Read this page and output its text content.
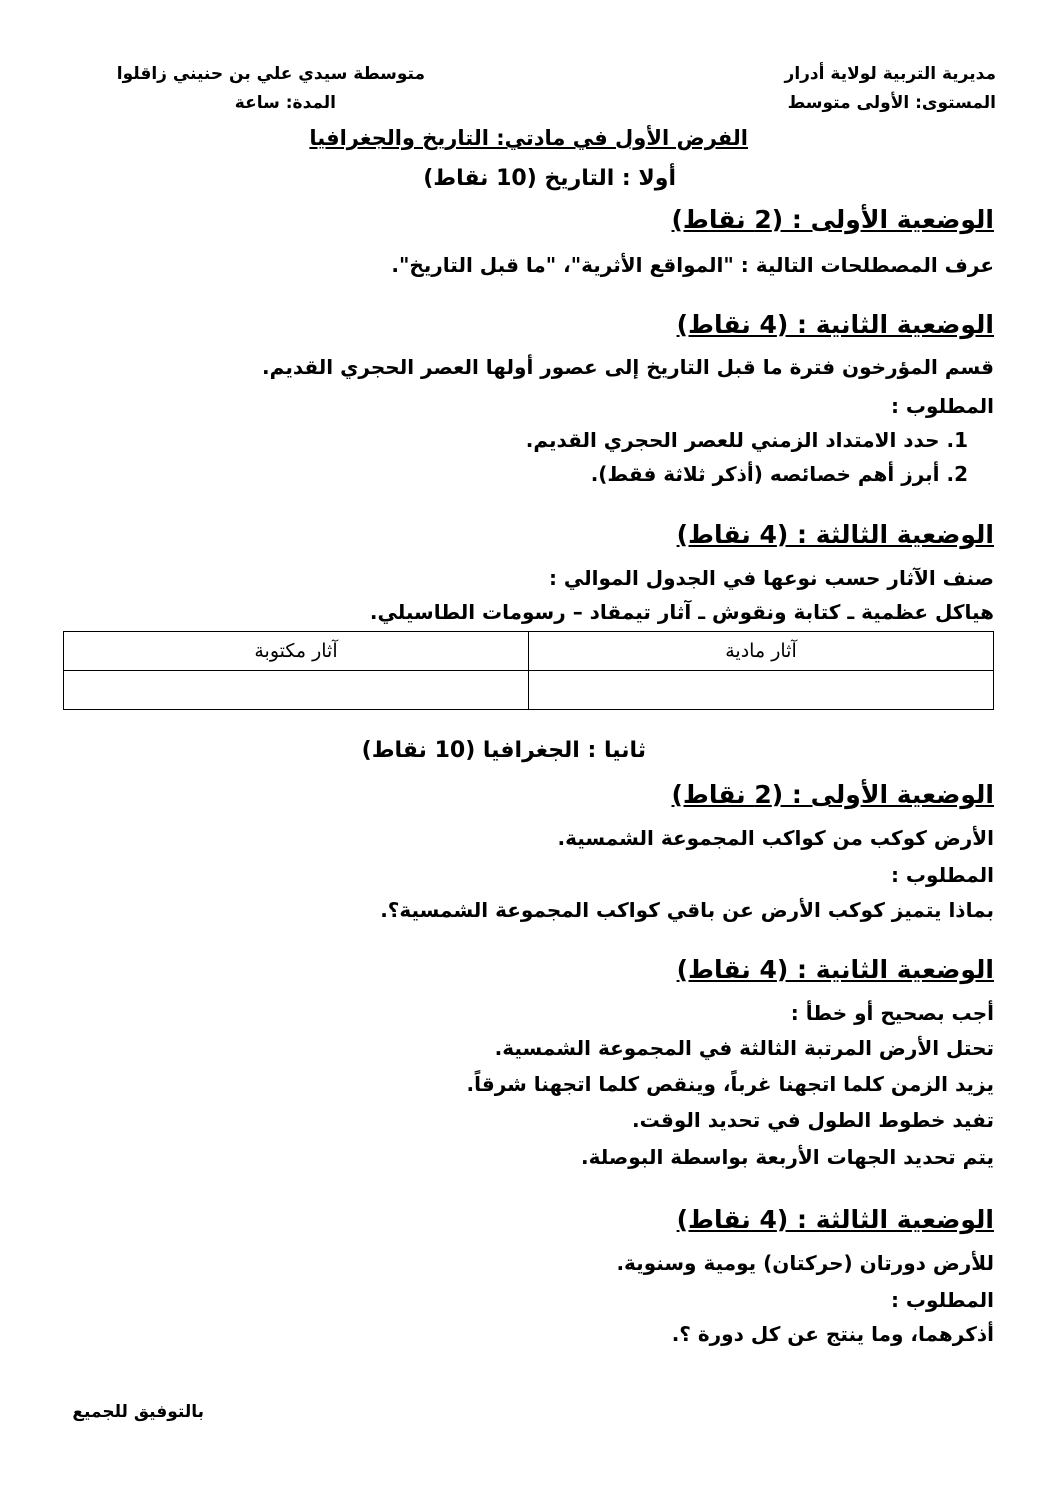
مديرية التربية لولاية أدرار
المستوى: الأولى متوسط
متوسطة سيدي علي بن حنيني زاقلوا
المدة: ساعة
الفرض الأول في مادتي: التاريخ والجغرافيا
أولا : التاريخ (10 نقاط)
الوضعية الأولى : (2 نقاط)
عرف المصطلحات التالية : "المواقع الأثرية"، "ما قبل التاريخ".
الوضعية الثانية : (4 نقاط)
قسم المؤرخون فترة ما قبل التاريخ إلى عصور أولها العصر الحجري القديم.
المطلوب :
1. حدد الامتداد الزمني للعصر الحجري القديم.
2. أبرز أهم خصائصه (أذكر ثلاثة فقط).
الوضعية الثالثة : (4 نقاط)
صنف الآثار حسب نوعها في الجدول الموالي :
هياكل عظمية ـ كتابة ونقوش ـ آثار تيمقاد – رسومات الطاسيلي.
آثار مادية	آثار مكتوبة

ثانيا : الجغرافيا (10 نقاط)
الوضعية الأولى : (2 نقاط)
الأرض كوكب من كواكب المجموعة الشمسية.
المطلوب :
بماذا يتميز كوكب الأرض عن باقي كواكب المجموعة الشمسية؟.
الوضعية الثانية : (4 نقاط)
أجب بصحيح أو خطأ :
تحتل الأرض المرتبة الثالثة في المجموعة الشمسية.
يزيد الزمن كلما اتجهنا غرباً، وينقص كلما اتجهنا شرقاً.
تفيد خطوط الطول في تحديد الوقت.
يتم تحديد الجهات الأربعة بواسطة البوصلة.
الوضعية الثالثة : (4 نقاط)
للأرض دورتان (حركتان) يومية وسنوية.
المطلوب :
أذكرهما، وما ينتج عن كل دورة ؟.
بالتوفيق للجميع
